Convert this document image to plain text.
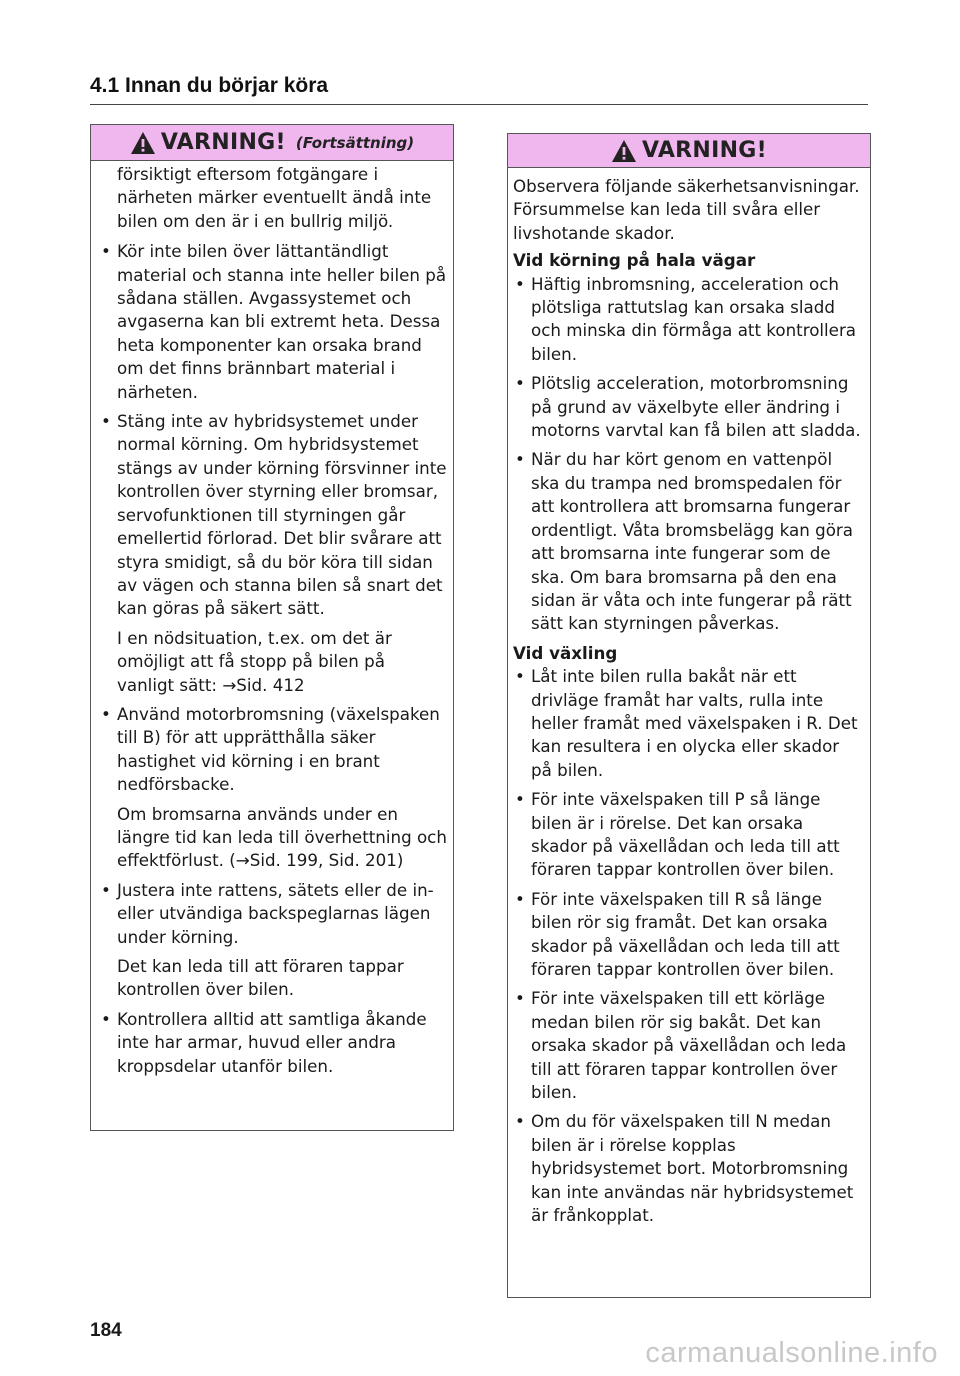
4.1 Innan du börjar köra
VARNING! (Fortsättning)
försiktigt eftersom fotgängare i närheten märker eventuellt ändå inte bilen om den är i en bullrig miljö.
• Kör inte bilen över lättantändligt material och stanna inte heller bilen på sådana ställen. Avgassystemet och avgaserna kan bli extremt heta. Dessa heta komponenter kan orsaka brand om det finns brännbart material i närheten.
• Stäng inte av hybridsystemet under normal körning. Om hybridsystemet stängs av under körning försvinner inte kontrollen över styrning eller bromsar, servofunktionen till styrningen går emellertid förlorad. Det blir svårare att styra smidigt, så du bör köra till sidan av vägen och stanna bilen så snart det kan göras på säkert sätt.
I en nödsituation, t.ex. om det är omöjligt att få stopp på bilen på vanligt sätt: →Sid. 412
• Använd motorbromsning (växelspaken till B) för att upprätthålla säker hastighet vid körning i en brant nedförsbacke.
Om bromsarna används under en längre tid kan leda till överhettning och effektförlust. (→Sid. 199, Sid. 201)
• Justera inte rattens, sätets eller de in- eller utvändiga backspeglarnas lägen under körning.
Det kan leda till att föraren tappar kontrollen över bilen.
• Kontrollera alltid att samtliga åkande inte har armar, huvud eller andra kroppsdelar utanför bilen.
VARNING!
Observera följande säkerhetsanvisningar. Försummelse kan leda till svåra eller livshotande skador.
Vid körning på hala vägar
• Häftig inbromsning, acceleration och plötsliga rattutslag kan orsaka sladd och minska din förmåga att kontrollera bilen.
• Plötslig acceleration, motorbromsning på grund av växelbyte eller ändring i motorns varvtal kan få bilen att sladda.
• När du har kört genom en vattenpöl ska du trampa ned bromspedalen för att kontrollera att bromsarna fungerar ordentligt. Våta bromsbelägg kan göra att bromsarna inte fungerar som de ska. Om bara bromsarna på den ena sidan är våta och inte fungerar på rätt sätt kan styrningen påverkas.
Vid växling
• Låt inte bilen rulla bakåt när ett drivläge framåt har valts, rulla inte heller framåt med växelspaken i R. Det kan resultera i en olycka eller skador på bilen.
• För inte växelspaken till P så länge bilen är i rörelse. Det kan orsaka skador på växellådan och leda till att föraren tappar kontrollen över bilen.
• För inte växelspaken till R så länge bilen rör sig framåt. Det kan orsaka skador på växellådan och leda till att föraren tappar kontrollen över bilen.
• För inte växelspaken till ett körläge medan bilen rör sig bakåt. Det kan orsaka skador på växellådan och leda till att föraren tappar kontrollen över bilen.
• Om du för växelspaken till N medan bilen är i rörelse kopplas hybridsystemet bort. Motorbromsning kan inte användas när hybridsystemet är frånkopplat.
184
carmanualsonline.info
